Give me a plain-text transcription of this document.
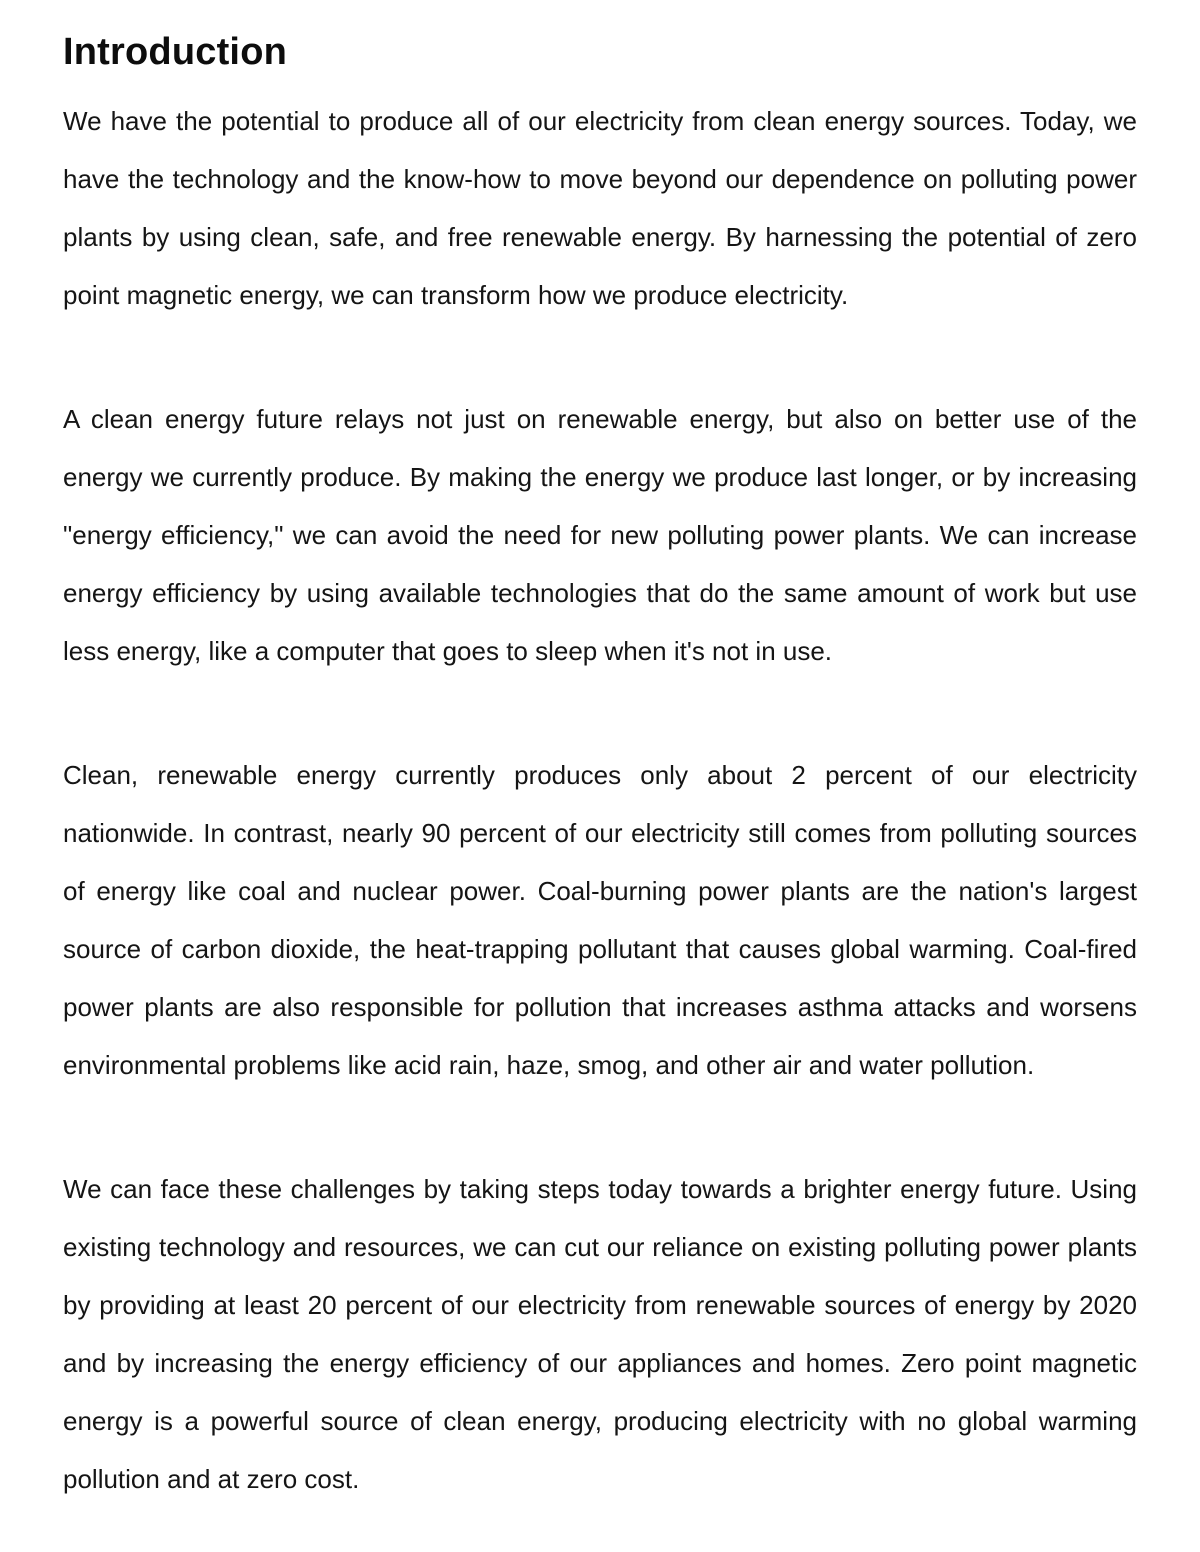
Introduction

We have the potential to produce all of our electricity from clean energy sources. Today, we have the technology and the know-how to move beyond our dependence on polluting power plants by using clean, safe, and free renewable energy. By harnessing the potential of zero point magnetic energy, we can transform how we produce electricity.

A clean energy future relays not just on renewable energy, but also on better use of the energy we currently produce. By making the energy we produce last longer, or by increasing "energy efficiency," we can avoid the need for new polluting power plants. We can increase energy efficiency by using available technologies that do the same amount of work but use less energy, like a computer that goes to sleep when it's not in use.

Clean, renewable energy currently produces only about 2 percent of our electricity nationwide. In contrast, nearly 90 percent of our electricity still comes from polluting sources of energy like coal and nuclear power. Coal-burning power plants are the nation's largest source of carbon dioxide, the heat-trapping pollutant that causes global warming. Coal-fired power plants are also responsible for pollution that increases asthma attacks and worsens environmental problems like acid rain, haze, smog, and other air and water pollution.

We can face these challenges by taking steps today towards a brighter energy future. Using existing technology and resources, we can cut our reliance on existing polluting power plants by providing at least 20 percent of our electricity from renewable sources of energy by 2020 and by increasing the energy efficiency of our appliances and homes. Zero point magnetic energy is a powerful source of clean energy, producing electricity with no global warming pollution and at zero cost.
